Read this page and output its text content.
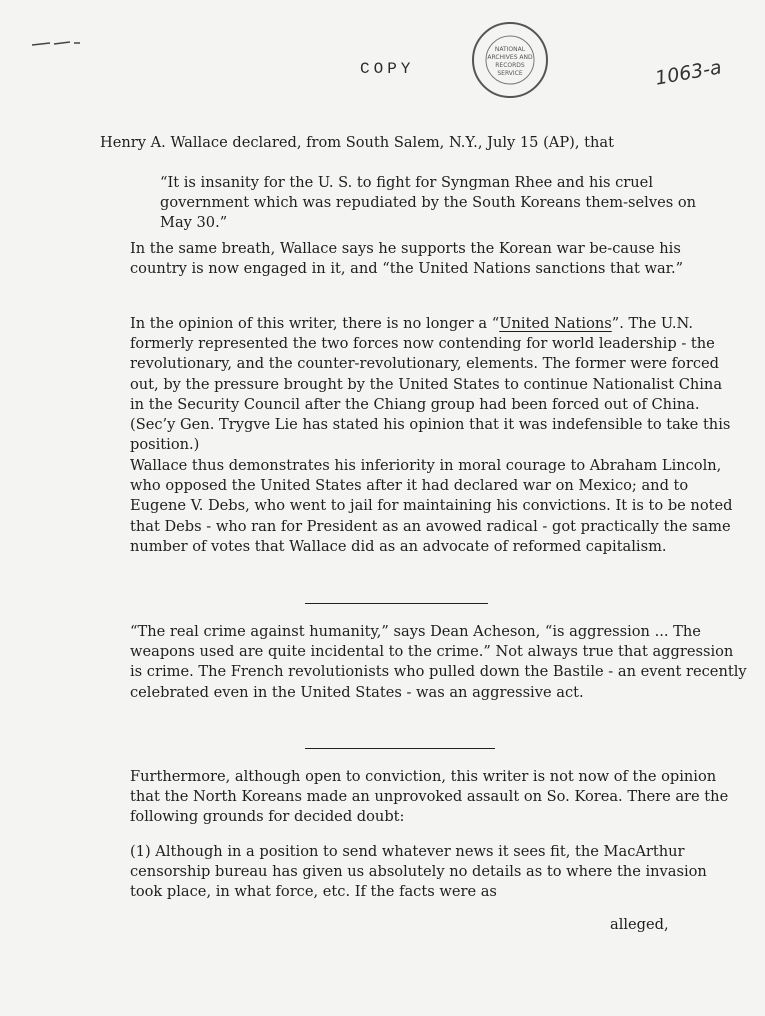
COPY
NATIONAL
ARCHIVES AND
RECORDS
SERVICE	1063-a

Henry A. Wallace declared, from South Salem, N.Y., July 15 (AP), that

“It is insanity for the U. S. to fight for Syngman Rhee and his cruel government which was repudiated by the South Koreans them-selves on May 30.”

In the same breath, Wallace says he supports the Korean war be-cause his country is now engaged in it, and “the United Nations sanctions that war.”

In the opinion of this writer, there is no longer a “United Nations”. The U.N. formerly represented the two forces now contending for world leadership - the revolutionary, and the counter-revolutionary, elements. The former were forced out, by the pressure brought by the United States to continue Nationalist China in the Security Council after the Chiang group had been forced out of China. (Sec’y Gen. Trygve Lie has stated his opinion that it was indefensible to take this position.)

Wallace thus demonstrates his inferiority in moral courage to Abraham Lincoln, who opposed the United States after it had declared war on Mexico; and to Eugene V. Debs, who went to jail for maintaining his convictions. It is to be noted that Debs - who ran for President as an avowed radical - got practically the same number of votes that Wallace did as an advocate of reformed capitalism.

“The real crime against humanity,” says Dean Acheson, “is aggression ... The weapons used are quite incidental to the crime.” Not always true that aggression is crime. The French revolutionists who pulled down the Bastile - an event recently celebrated even in the United States - was an aggressive act.

Furthermore, although open to conviction, this writer is not now of the opinion that the North Koreans made an unprovoked assault on So. Korea. There are the following grounds for decided doubt:

(1) Although in a position to send whatever news it sees fit, the MacArthur censorship bureau has given us absolutely no details as to where the invasion took place, in what force, etc. If the facts were as

alleged,
